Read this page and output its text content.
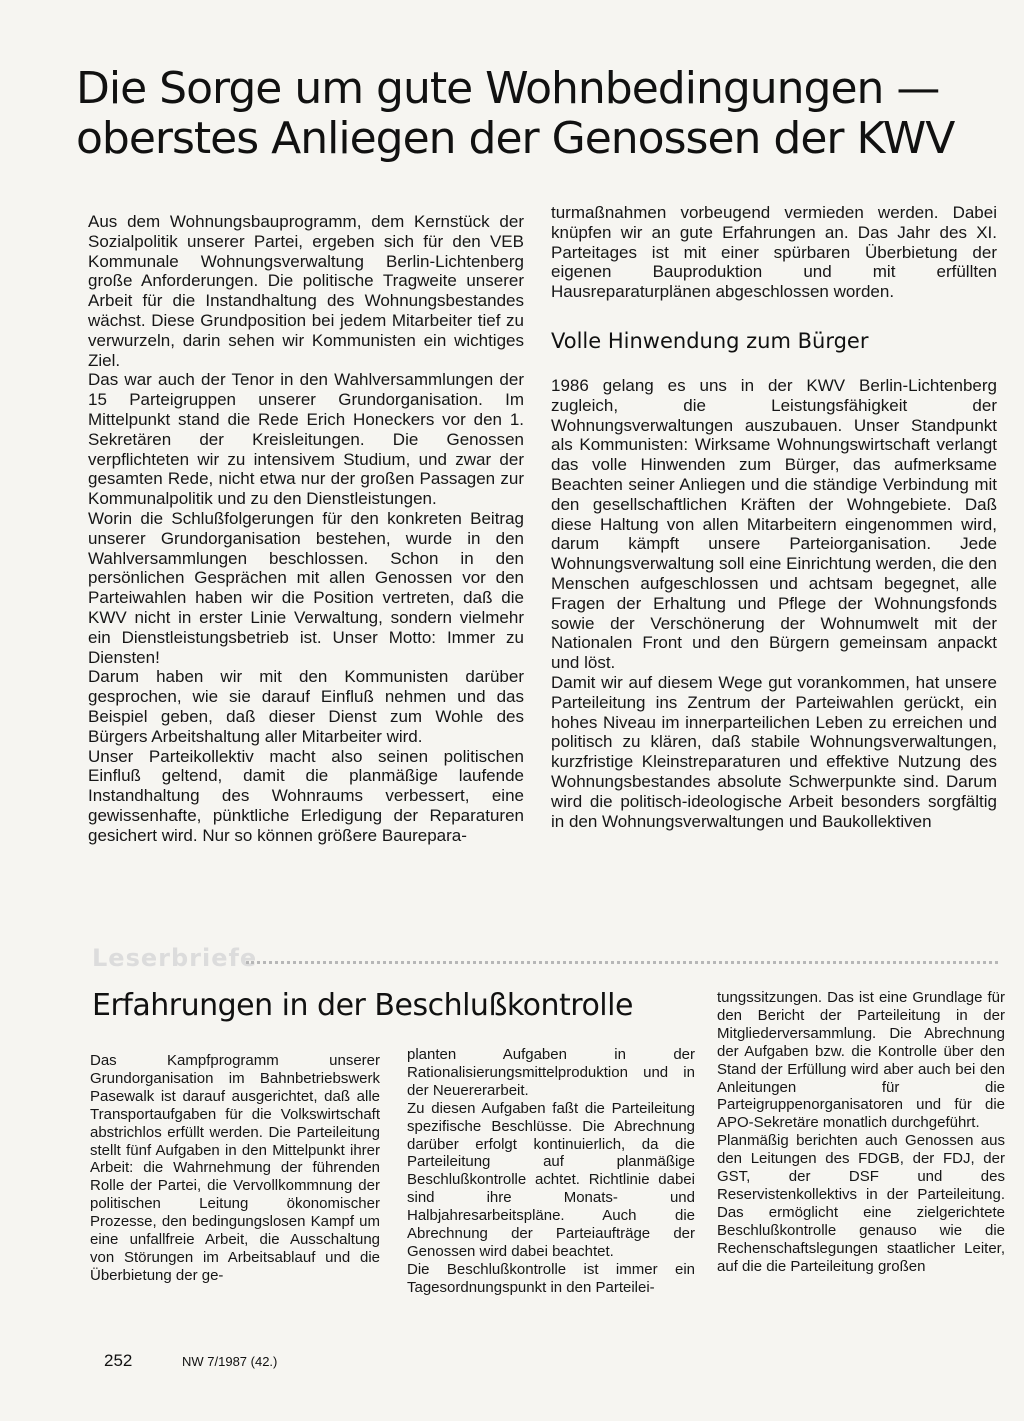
Die Sorge um gute Wohnbedingungen —
oberstes Anliegen der Genossen der KWV

Aus dem Wohnungsbauprogramm, dem Kernstück der Sozialpolitik unserer Partei, ergeben sich für den VEB Kommunale Wohnungsverwaltung Berlin-Lichtenberg große Anforderungen. Die politische Tragweite unserer Arbeit für die Instandhaltung des Wohnungsbestandes wächst. Diese Grundposition bei jedem Mitarbeiter tief zu verwurzeln, darin sehen wir Kommunisten ein wichtiges Ziel.

Das war auch der Tenor in den Wahlversammlungen der 15 Parteigruppen unserer Grundorganisation. Im Mittelpunkt stand die Rede Erich Honeckers vor den 1. Sekretären der Kreisleitungen. Die Genossen verpflichteten wir zu intensivem Studium, und zwar der gesamten Rede, nicht etwa nur der großen Passagen zur Kommunalpolitik und zu den Dienstleistungen.

Worin die Schlußfolgerungen für den konkreten Beitrag unserer Grundorganisation bestehen, wurde in den Wahlversammlungen beschlossen. Schon in den persönlichen Gesprächen mit allen Genossen vor den Parteiwahlen haben wir die Position vertreten, daß die KWV nicht in erster Linie Verwaltung, sondern vielmehr ein Dienstleistungsbetrieb ist. Unser Motto: Immer zu Diensten!

Darum haben wir mit den Kommunisten darüber gesprochen, wie sie darauf Einfluß nehmen und das Beispiel geben, daß dieser Dienst zum Wohle des Bürgers Arbeitshaltung aller Mitarbeiter wird.

Unser Parteikollektiv macht also seinen politischen Einfluß geltend, damit die planmäßige laufende Instandhaltung des Wohnraums verbessert, eine gewissenhafte, pünktliche Erledigung der Reparaturen gesichert wird. Nur so können größere Baurepara-

turmaßnahmen vorbeugend vermieden werden. Dabei knüpfen wir an gute Erfahrungen an. Das Jahr des XI. Parteitages ist mit einer spürbaren Überbietung der eigenen Bauproduktion und mit erfüllten Hausreparaturplänen abgeschlossen worden.

Volle Hinwendung zum Bürger

1986 gelang es uns in der KWV Berlin-Lichtenberg zugleich, die Leistungsfähigkeit der Wohnungsverwaltungen auszubauen. Unser Standpunkt als Kommunisten: Wirksame Wohnungswirtschaft verlangt das volle Hinwenden zum Bürger, das aufmerksame Beachten seiner Anliegen und die ständige Verbindung mit den gesellschaftlichen Kräften der Wohngebiete. Daß diese Haltung von allen Mitarbeitern eingenommen wird, darum kämpft unsere Parteiorganisation. Jede Wohnungsverwaltung soll eine Einrichtung werden, die den Menschen aufgeschlossen und achtsam begegnet, alle Fragen der Erhaltung und Pflege der Wohnungsfonds sowie der Verschönerung der Wohnumwelt mit der Nationalen Front und den Bürgern gemeinsam anpackt und löst.

Damit wir auf diesem Wege gut vorankommen, hat unsere Parteileitung ins Zentrum der Parteiwahlen gerückt, ein hohes Niveau im innerparteilichen Leben zu erreichen und politisch zu klären, daß stabile Wohnungsverwaltungen, kurzfristige Kleinstreparaturen und effektive Nutzung des Wohnungsbestandes absolute Schwerpunkte sind. Darum wird die politisch-ideologische Arbeit besonders sorgfältig in den Wohnungsverwaltungen und Baukollektiven

Leserbriefe
Erfahrungen in der Beschlußkontrolle

Das Kampfprogramm unserer Grundorganisation im Bahnbetriebswerk Pasewalk ist darauf ausgerichtet, daß alle Transportaufgaben für die Volkswirtschaft abstrichlos erfüllt werden. Die Parteileitung stellt fünf Aufgaben in den Mittelpunkt ihrer Arbeit: die Wahrnehmung der führenden Rolle der Partei, die Vervollkommnung der politischen Leitung ökonomischer Prozesse, den bedingungslosen Kampf um eine unfallfreie Arbeit, die Ausschaltung von Störungen im Arbeitsablauf und die Überbietung der ge-

planten Aufgaben in der Rationalisierungsmittelproduktion und in der Neuererarbeit.

Zu diesen Aufgaben faßt die Parteileitung spezifische Beschlüsse. Die Abrechnung darüber erfolgt kontinuierlich, da die Parteileitung auf planmäßige Beschlußkontrolle achtet. Richtlinie dabei sind ihre Monats- und Halbjahresarbeitspläne. Auch die Abrechnung der Parteiaufträge der Genossen wird dabei beachtet.

Die Beschlußkontrolle ist immer ein Tagesordnungspunkt in den Parteilei-

tungssitzungen. Das ist eine Grundlage für den Bericht der Parteileitung in der Mitgliederversammlung. Die Abrechnung der Aufgaben bzw. die Kontrolle über den Stand der Erfüllung wird aber auch bei den Anleitungen für die Parteigruppenorganisatoren und für die APO-Sekretäre monatlich durchgeführt.

Planmäßig berichten auch Genossen aus den Leitungen des FDGB, der FDJ, der GST, der DSF und des Reservistenkollektivs in der Parteileitung. Das ermöglicht eine zielgerichtete Beschlußkontrolle genauso wie die Rechenschaftslegungen staatlicher Leiter, auf die die Parteileitung großen

252	NW 7/1987 (42.)
